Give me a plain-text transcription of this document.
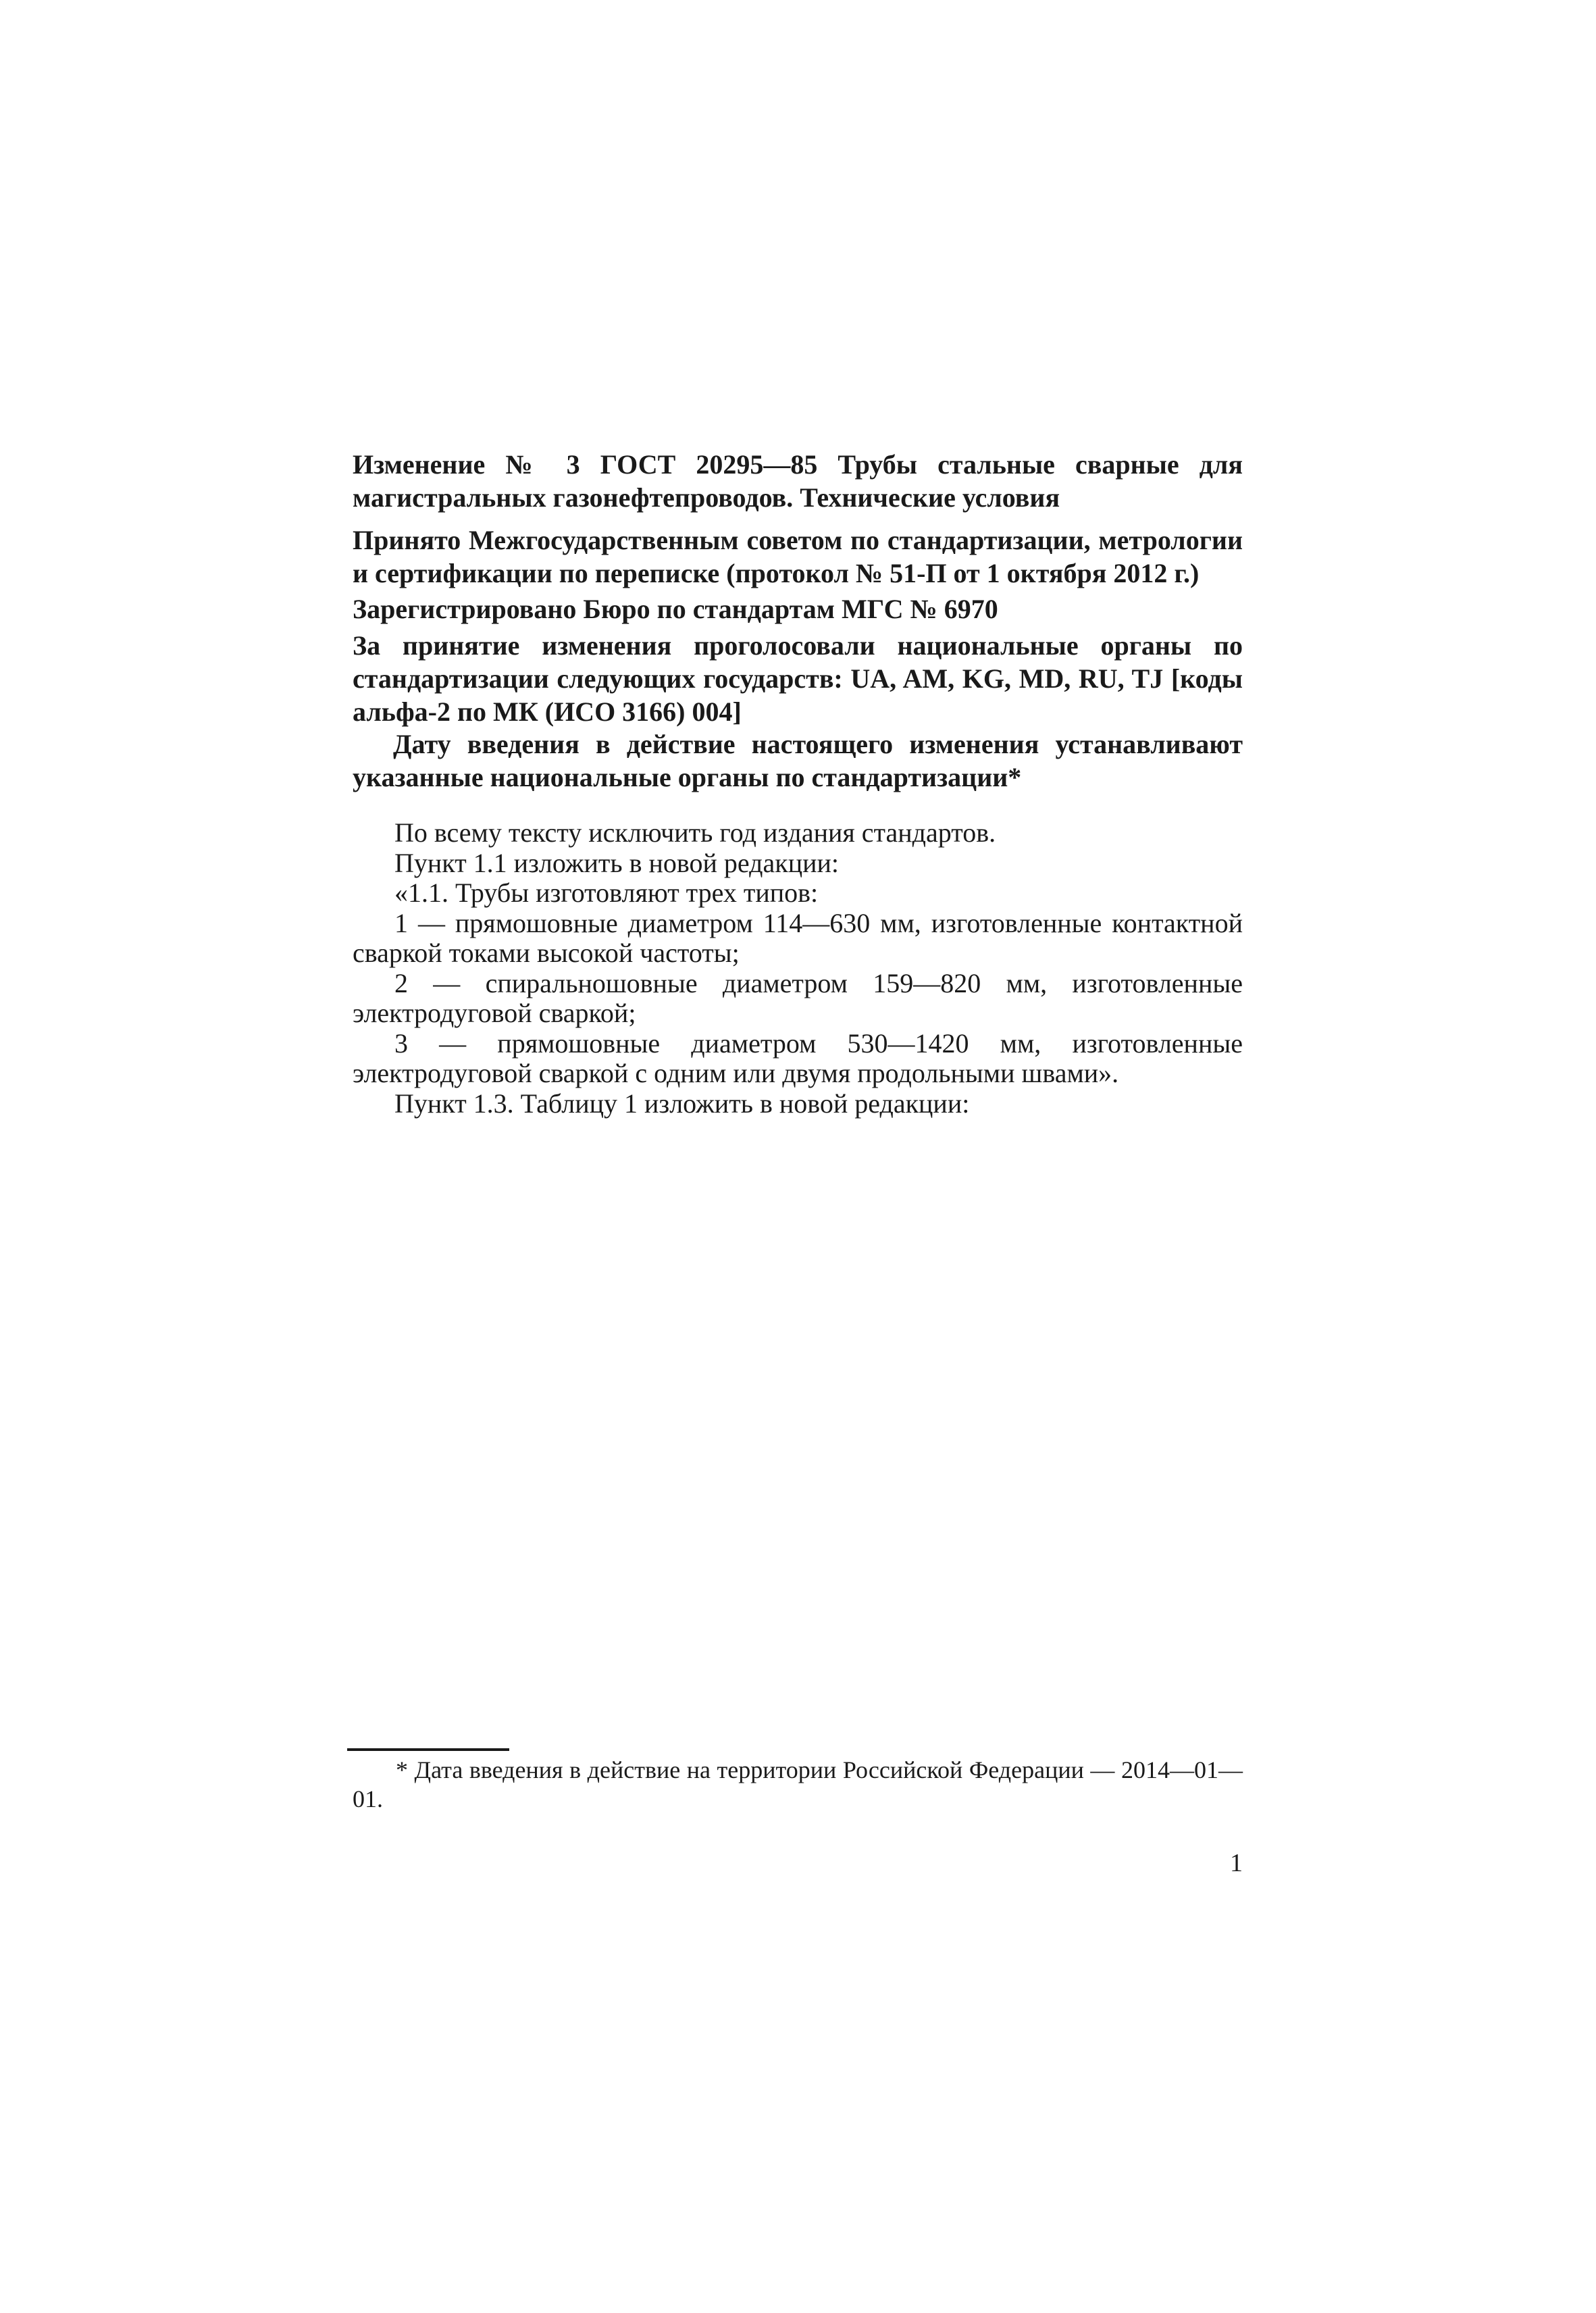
Изменение № 3 ГОСТ 20295—85 Трубы стальные сварные для магистральных газонефтепроводов. Технические условия
Принято Межгосударственным советом по стандартизации, метрологии и сертификации по переписке (протокол № 51-П от 1 октября 2012 г.)
Зарегистрировано Бюро по стандартам МГС № 6970
За принятие изменения проголосовали национальные органы по стандартизации следующих государств: UA, AM, KG, MD, RU, TJ [коды альфа-2 по МК (ИСО 3166) 004]
Дату введения в действие настоящего изменения устанавливают указанные национальные органы по стандартизации*

По всему тексту исключить год издания стандартов.

Пункт 1.1 изложить в новой редакции:

«1.1. Трубы изготовляют трех типов:

1 — прямошовные диаметром 114—630 мм, изготовленные контактной сваркой токами высокой частоты;

2 — спиральношовные диаметром 159—820 мм, изготовленные электродуговой сваркой;

3 — прямошовные диаметром 530—1420 мм, изготовленные электродуговой сваркой с одним или двумя продольными швами».

Пункт 1.3. Таблицу 1 изложить в новой редакции:

* Дата введения в действие на территории Российской Федерации — 2014—01—01.

1
